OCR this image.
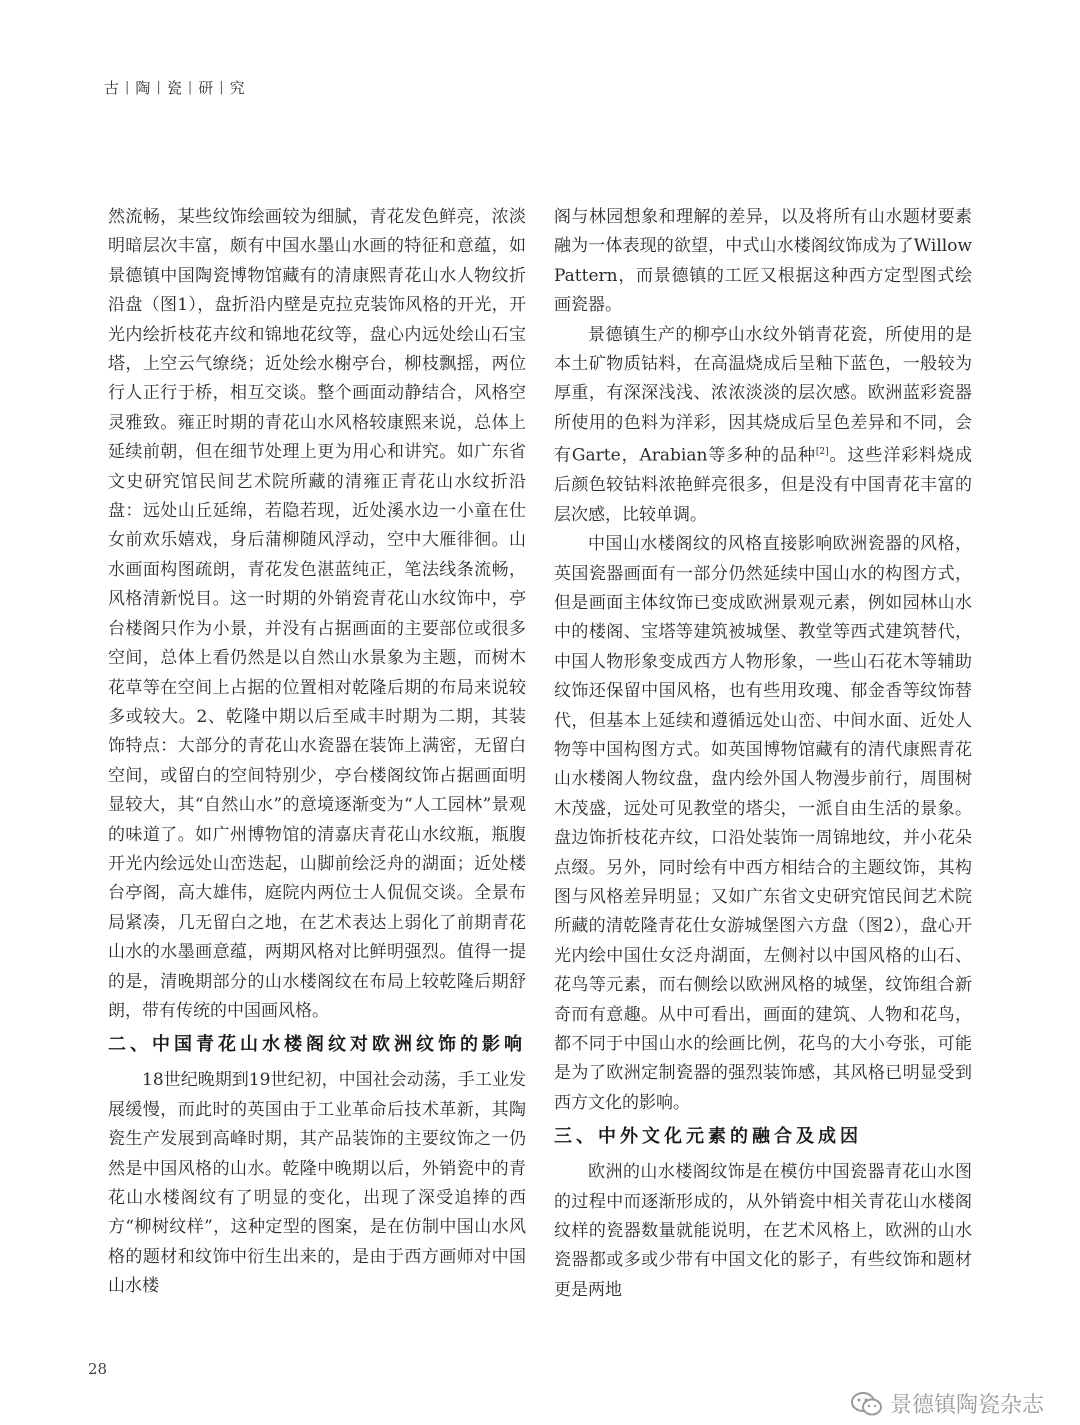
古 | 陶 | 瓷 | 研 | 究

然流畅，某些纹饰绘画较为细腻，青花发色鲜亮，浓淡明暗层次丰富，颇有中国水墨山水画的特征和意蕴，如景德镇中国陶瓷博物馆藏有的清康熙青花山水人物纹折沿盘（图1），盘折沿内壁是克拉克装饰风格的开光，开光内绘折枝花卉纹和锦地花纹等，盘心内远处绘山石宝塔，上空云气缭绕；近处绘水榭亭台，柳枝飘摇，两位行人正行于桥，相互交谈。整个画面动静结合，风格空灵雅致。雍正时期的青花山水风格较康熙来说，总体上延续前朝，但在细节处理上更为用心和讲究。如广东省文史研究馆民间艺术院所藏的清雍正青花山水纹折沿盘：远处山丘延绵，若隐若现，近处溪水边一小童在仕女前欢乐嬉戏，身后蒲柳随风浮动，空中大雁徘徊。山水画面构图疏朗，青花发色湛蓝纯正，笔法线条流畅，风格清新悦目。这一时期的外销瓷青花山水纹饰中，亭台楼阁只作为小景，并没有占据画面的主要部位或很多空间，总体上看仍然是以自然山水景象为主题，而树木花草等在空间上占据的位置相对乾隆后期的布局来说较多或较大。2、乾隆中期以后至咸丰时期为二期，其装饰特点：大部分的青花山水瓷器在装饰上满密，无留白空间，或留白的空间特别少，亭台楼阁纹饰占据画面明显较大，其“自然山水”的意境逐渐变为“人工园林”景观的味道了。如广州博物馆的清嘉庆青花山水纹瓶，瓶腹开光内绘远处山峦迭起，山脚前绘泛舟的湖面；近处楼台亭阁，高大雄伟，庭院内两位士人侃侃交谈。全景布局紧凑，几无留白之地，在艺术表达上弱化了前期青花山水的水墨画意蕴，两期风格对比鲜明强烈。值得一提的是，清晚期部分的山水楼阁纹在布局上较乾隆后期舒朗，带有传统的中国画风格。

二、中国青花山水楼阁纹对欧洲纹饰的影响

18世纪晚期到19世纪初，中国社会动荡，手工业发展缓慢，而此时的英国由于工业革命后技术革新，其陶瓷生产发展到高峰时期，其产品装饰的主要纹饰之一仍然是中国风格的山水。乾隆中晚期以后，外销瓷中的青花山水楼阁纹有了明显的变化，出现了深受追捧的西方“柳树纹样”，这种定型的图案，是在仿制中国山水风格的题材和纹饰中衍生出来的，是由于西方画师对中国山水楼

阁与林园想象和理解的差异，以及将所有山水题材要素融为一体表现的欲望，中式山水楼阁纹饰成为了Willow Pattern，而景德镇的工匠又根据这种西方定型图式绘画瓷器。

景德镇生产的柳亭山水纹外销青花瓷，所使用的是本土矿物质钴料，在高温烧成后呈釉下蓝色，一般较为厚重，有深深浅浅、浓浓淡淡的层次感。欧洲蓝彩瓷器所使用的色料为洋彩，因其烧成后呈色差异和不同，会有Garte，Arabian等多种的品种[2]。这些洋彩料烧成后颜色较钴料浓艳鲜亮很多，但是没有中国青花丰富的层次感，比较单调。

中国山水楼阁纹的风格直接影响欧洲瓷器的风格，英国瓷器画面有一部分仍然延续中国山水的构图方式，但是画面主体纹饰已变成欧洲景观元素，例如园林山水中的楼阁、宝塔等建筑被城堡、教堂等西式建筑替代，中国人物形象变成西方人物形象，一些山石花木等辅助纹饰还保留中国风格，也有些用玫瑰、郁金香等纹饰替代，但基本上延续和遵循远处山峦、中间水面、近处人物等中国构图方式。如英国博物馆藏有的清代康熙青花山水楼阁人物纹盘，盘内绘外国人物漫步前行，周围树木茂盛，远处可见教堂的塔尖，一派自由生活的景象。盘边饰折枝花卉纹，口沿处装饰一周锦地纹，并小花朵点缀。另外，同时绘有中西方相结合的主题纹饰，其构图与风格差异明显；又如广东省文史研究馆民间艺术院所藏的清乾隆青花仕女游城堡图六方盘（图2），盘心开光内绘中国仕女泛舟湖面，左侧衬以中国风格的山石、花鸟等元素，而右侧绘以欧洲风格的城堡，纹饰组合新奇而有意趣。从中可看出，画面的建筑、人物和花鸟，都不同于中国山水的绘画比例，花鸟的大小夸张，可能是为了欧洲定制瓷器的强烈装饰感，其风格已明显受到西方文化的影响。

三、中外文化元素的融合及成因

欧洲的山水楼阁纹饰是在模仿中国瓷器青花山水图的过程中而逐渐形成的，从外销瓷中相关青花山水楼阁纹样的瓷器数量就能说明，在艺术风格上，欧洲的山水瓷器都或多或少带有中国文化的影子，有些纹饰和题材更是两地

28
景德镇陶瓷杂志
